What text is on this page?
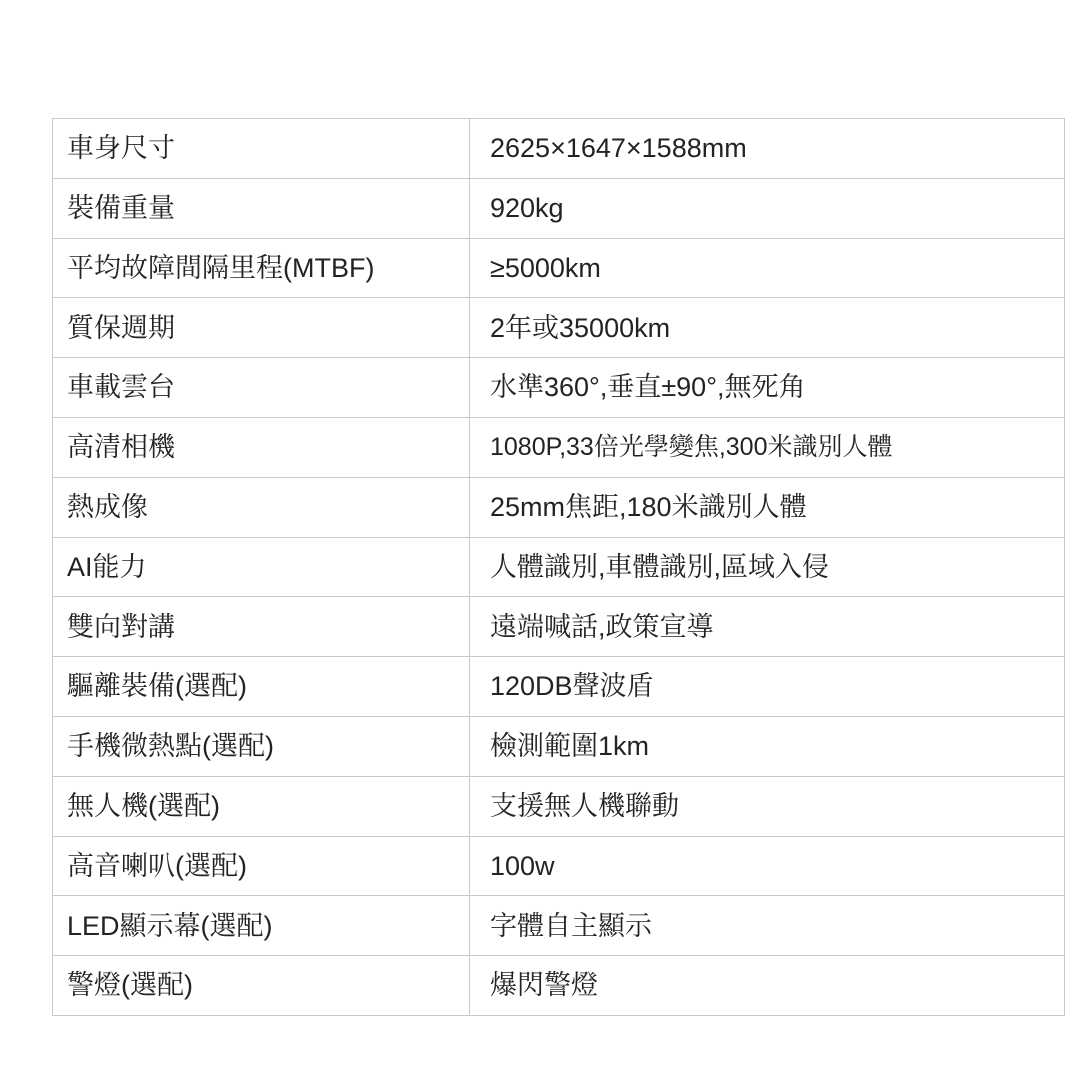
車身尺寸	2625×1647×1588mm
裝備重量	920kg
平均故障間隔里程(MTBF)	≥5000km
質保週期	2年或35000km
車載雲台	水準360°,垂直±90°,無死角
高清相機	1080P,33倍光學變焦,300米識別人體
熱成像	25mm焦距,180米識別人體
AI能力	人體識別,車體識別,區域入侵
雙向對講	遠端喊話,政策宣導
驅離裝備(選配)	120DB聲波盾
手機微熱點(選配)	檢測範圍1km
無人機(選配)	支援無人機聯動
高音喇叭(選配)	100w
LED顯示幕(選配)	字體自主顯示
警燈(選配)	爆閃警燈
